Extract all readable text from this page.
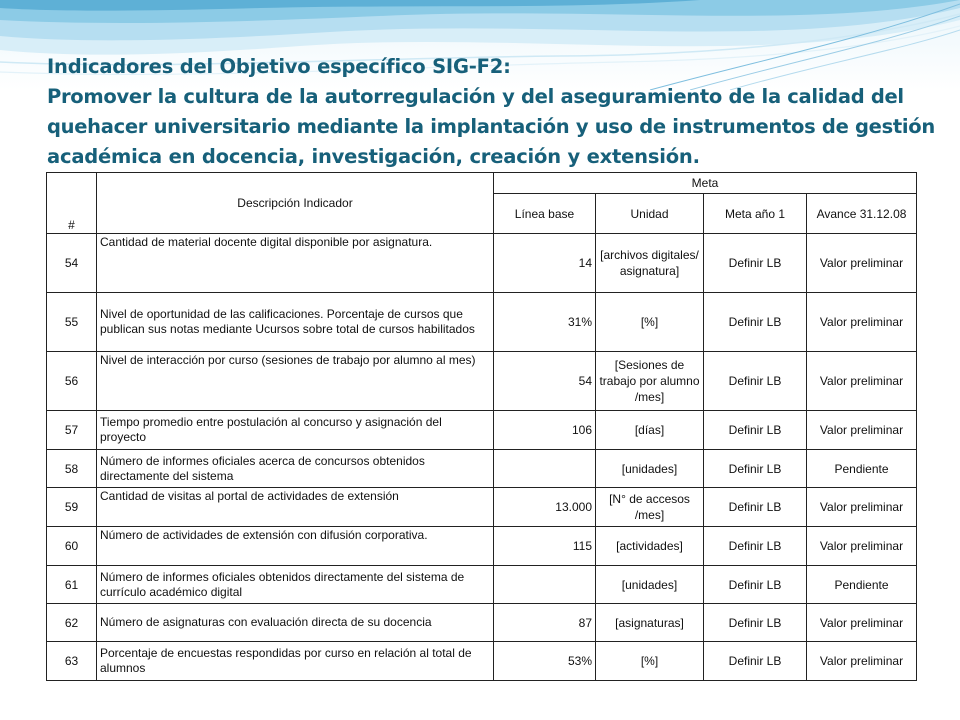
Indicadores del Objetivo específico SIG-F2:
Promover la cultura de la autorregulación y del aseguramiento de la calidad del
quehacer universitario mediante la implantación y uso de instrumentos de gestión
académica en docencia, investigación, creación y extensión.
#	Descripción Indicador	Meta			
		Línea base	Unidad	Meta año 1	Avance 31.12.08
54	Cantidad de material docente digital disponible por asignatura.	14	[archivos digitales/ asignatura]	Definir LB	Valor preliminar
55	Nivel de oportunidad de las calificaciones. Porcentaje de cursos que publican sus notas mediante Ucursos sobre total de cursos habilitados	31%	[%]	Definir LB	Valor preliminar
56	Nivel de interacción por curso (sesiones de trabajo por alumno al mes)	54	[Sesiones de trabajo por alumno /mes]	Definir LB	Valor preliminar
57	Tiempo promedio entre postulación al concurso y asignación del proyecto	106	[días]	Definir LB	Valor preliminar
58	Número de informes oficiales acerca de concursos obtenidos directamente del sistema		[unidades]	Definir LB	Pendiente
59	Cantidad de visitas al portal de actividades de extensión	13.000	[N° de accesos /mes]	Definir LB	Valor preliminar
60	Número de actividades de extensión con difusión corporativa.	115	[actividades]	Definir LB	Valor preliminar
61	Número de informes oficiales obtenidos directamente del sistema de currículo académico digital		[unidades]	Definir LB	Pendiente
62	Número de asignaturas con evaluación directa de su docencia	87	[asignaturas]	Definir LB	Valor preliminar
63	Porcentaje de encuestas respondidas por curso en relación al total de alumnos	53%	[%]	Definir LB	Valor preliminar
